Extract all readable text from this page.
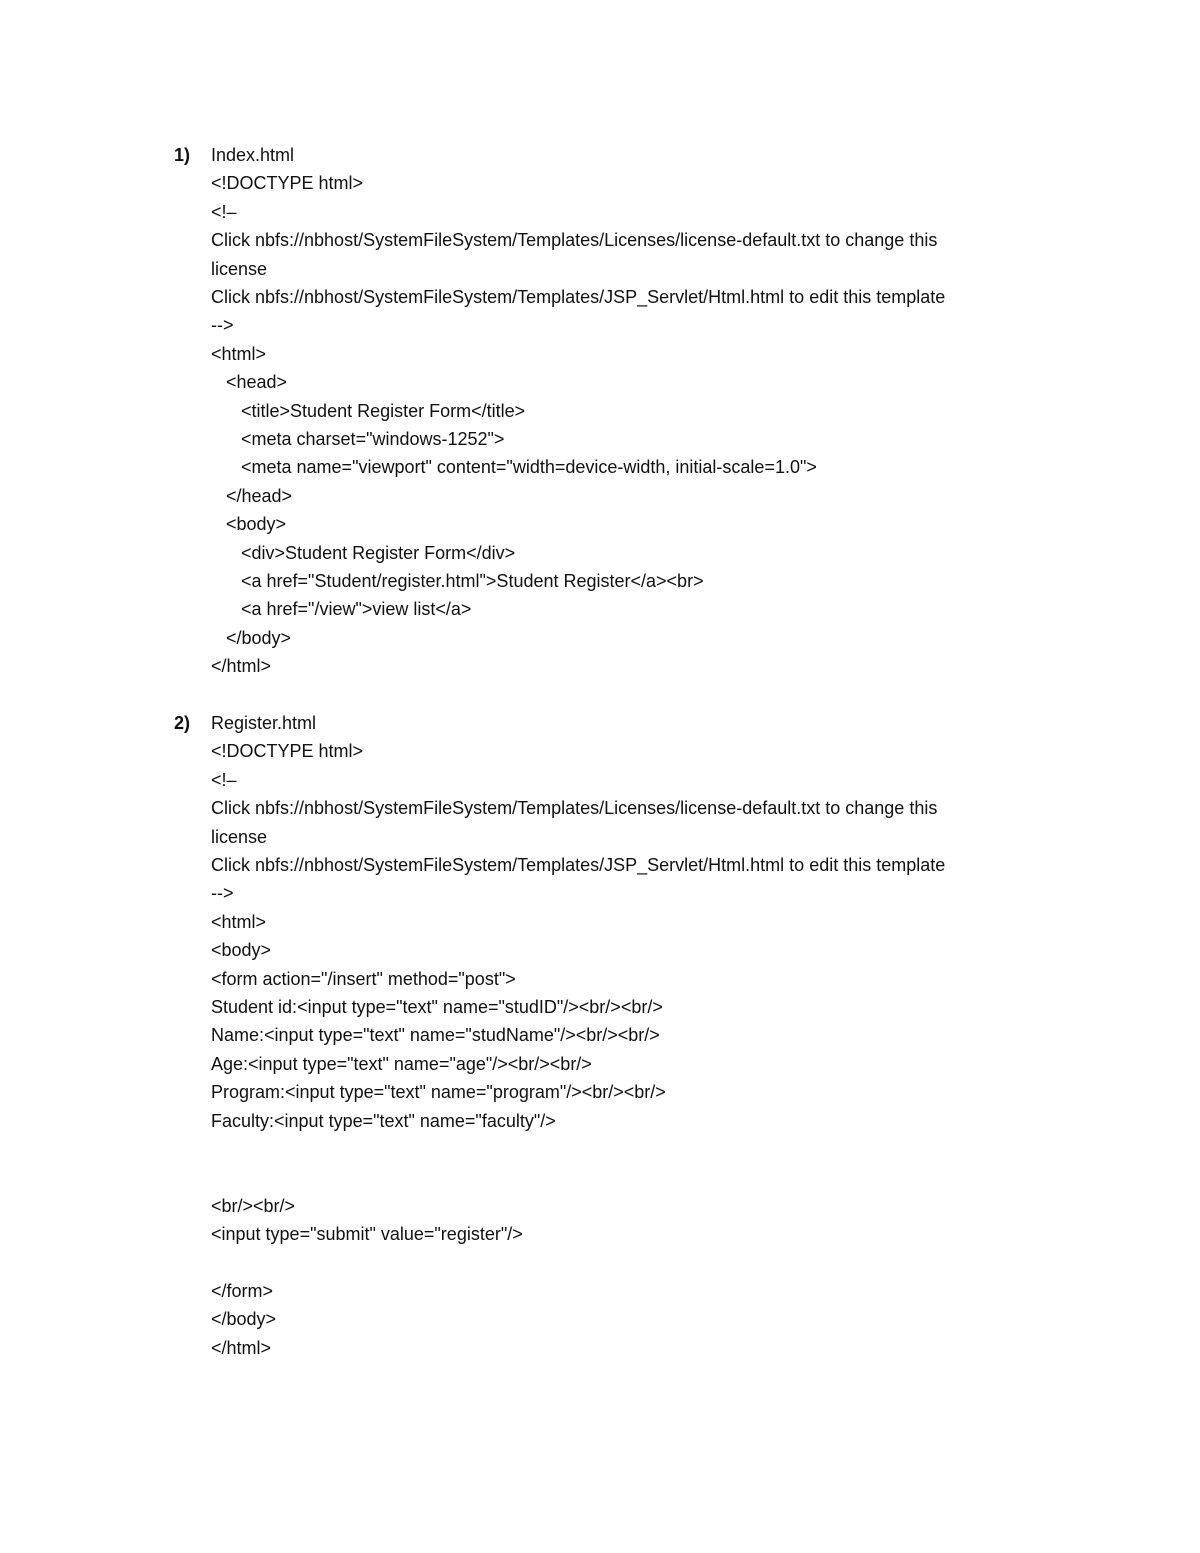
1) Index.html
<!DOCTYPE html>
<!–
Click nbfs://nbhost/SystemFileSystem/Templates/Licenses/license-default.txt to change this
license
Click nbfs://nbhost/SystemFileSystem/Templates/JSP_Servlet/Html.html to edit this template
-->
<html>
<head>
<title>Student Register Form</title>
<meta charset="windows-1252">
<meta name="viewport" content="width=device-width, initial-scale=1.0">
</head>
<body>
<div>Student Register Form</div>
<a href="Student/register.html">Student Register</a><br>
<a href="/view">view list</a>
</body>
</html>
2) Register.html
<!DOCTYPE html>
<!–
Click nbfs://nbhost/SystemFileSystem/Templates/Licenses/license-default.txt to change this
license
Click nbfs://nbhost/SystemFileSystem/Templates/JSP_Servlet/Html.html to edit this template
-->
<html>
<body>
<form action="/insert" method="post">
Student id:<input type="text" name="studID"/><br/><br/>
Name:<input type="text" name="studName"/><br/><br/>
Age:<input type="text" name="age"/><br/><br/>
Program:<input type="text" name="program"/><br/><br/>
Faculty:<input type="text" name="faculty"/>
<br/><br/>
<input type="submit" value="register"/>
</form>
</body>
</html>
